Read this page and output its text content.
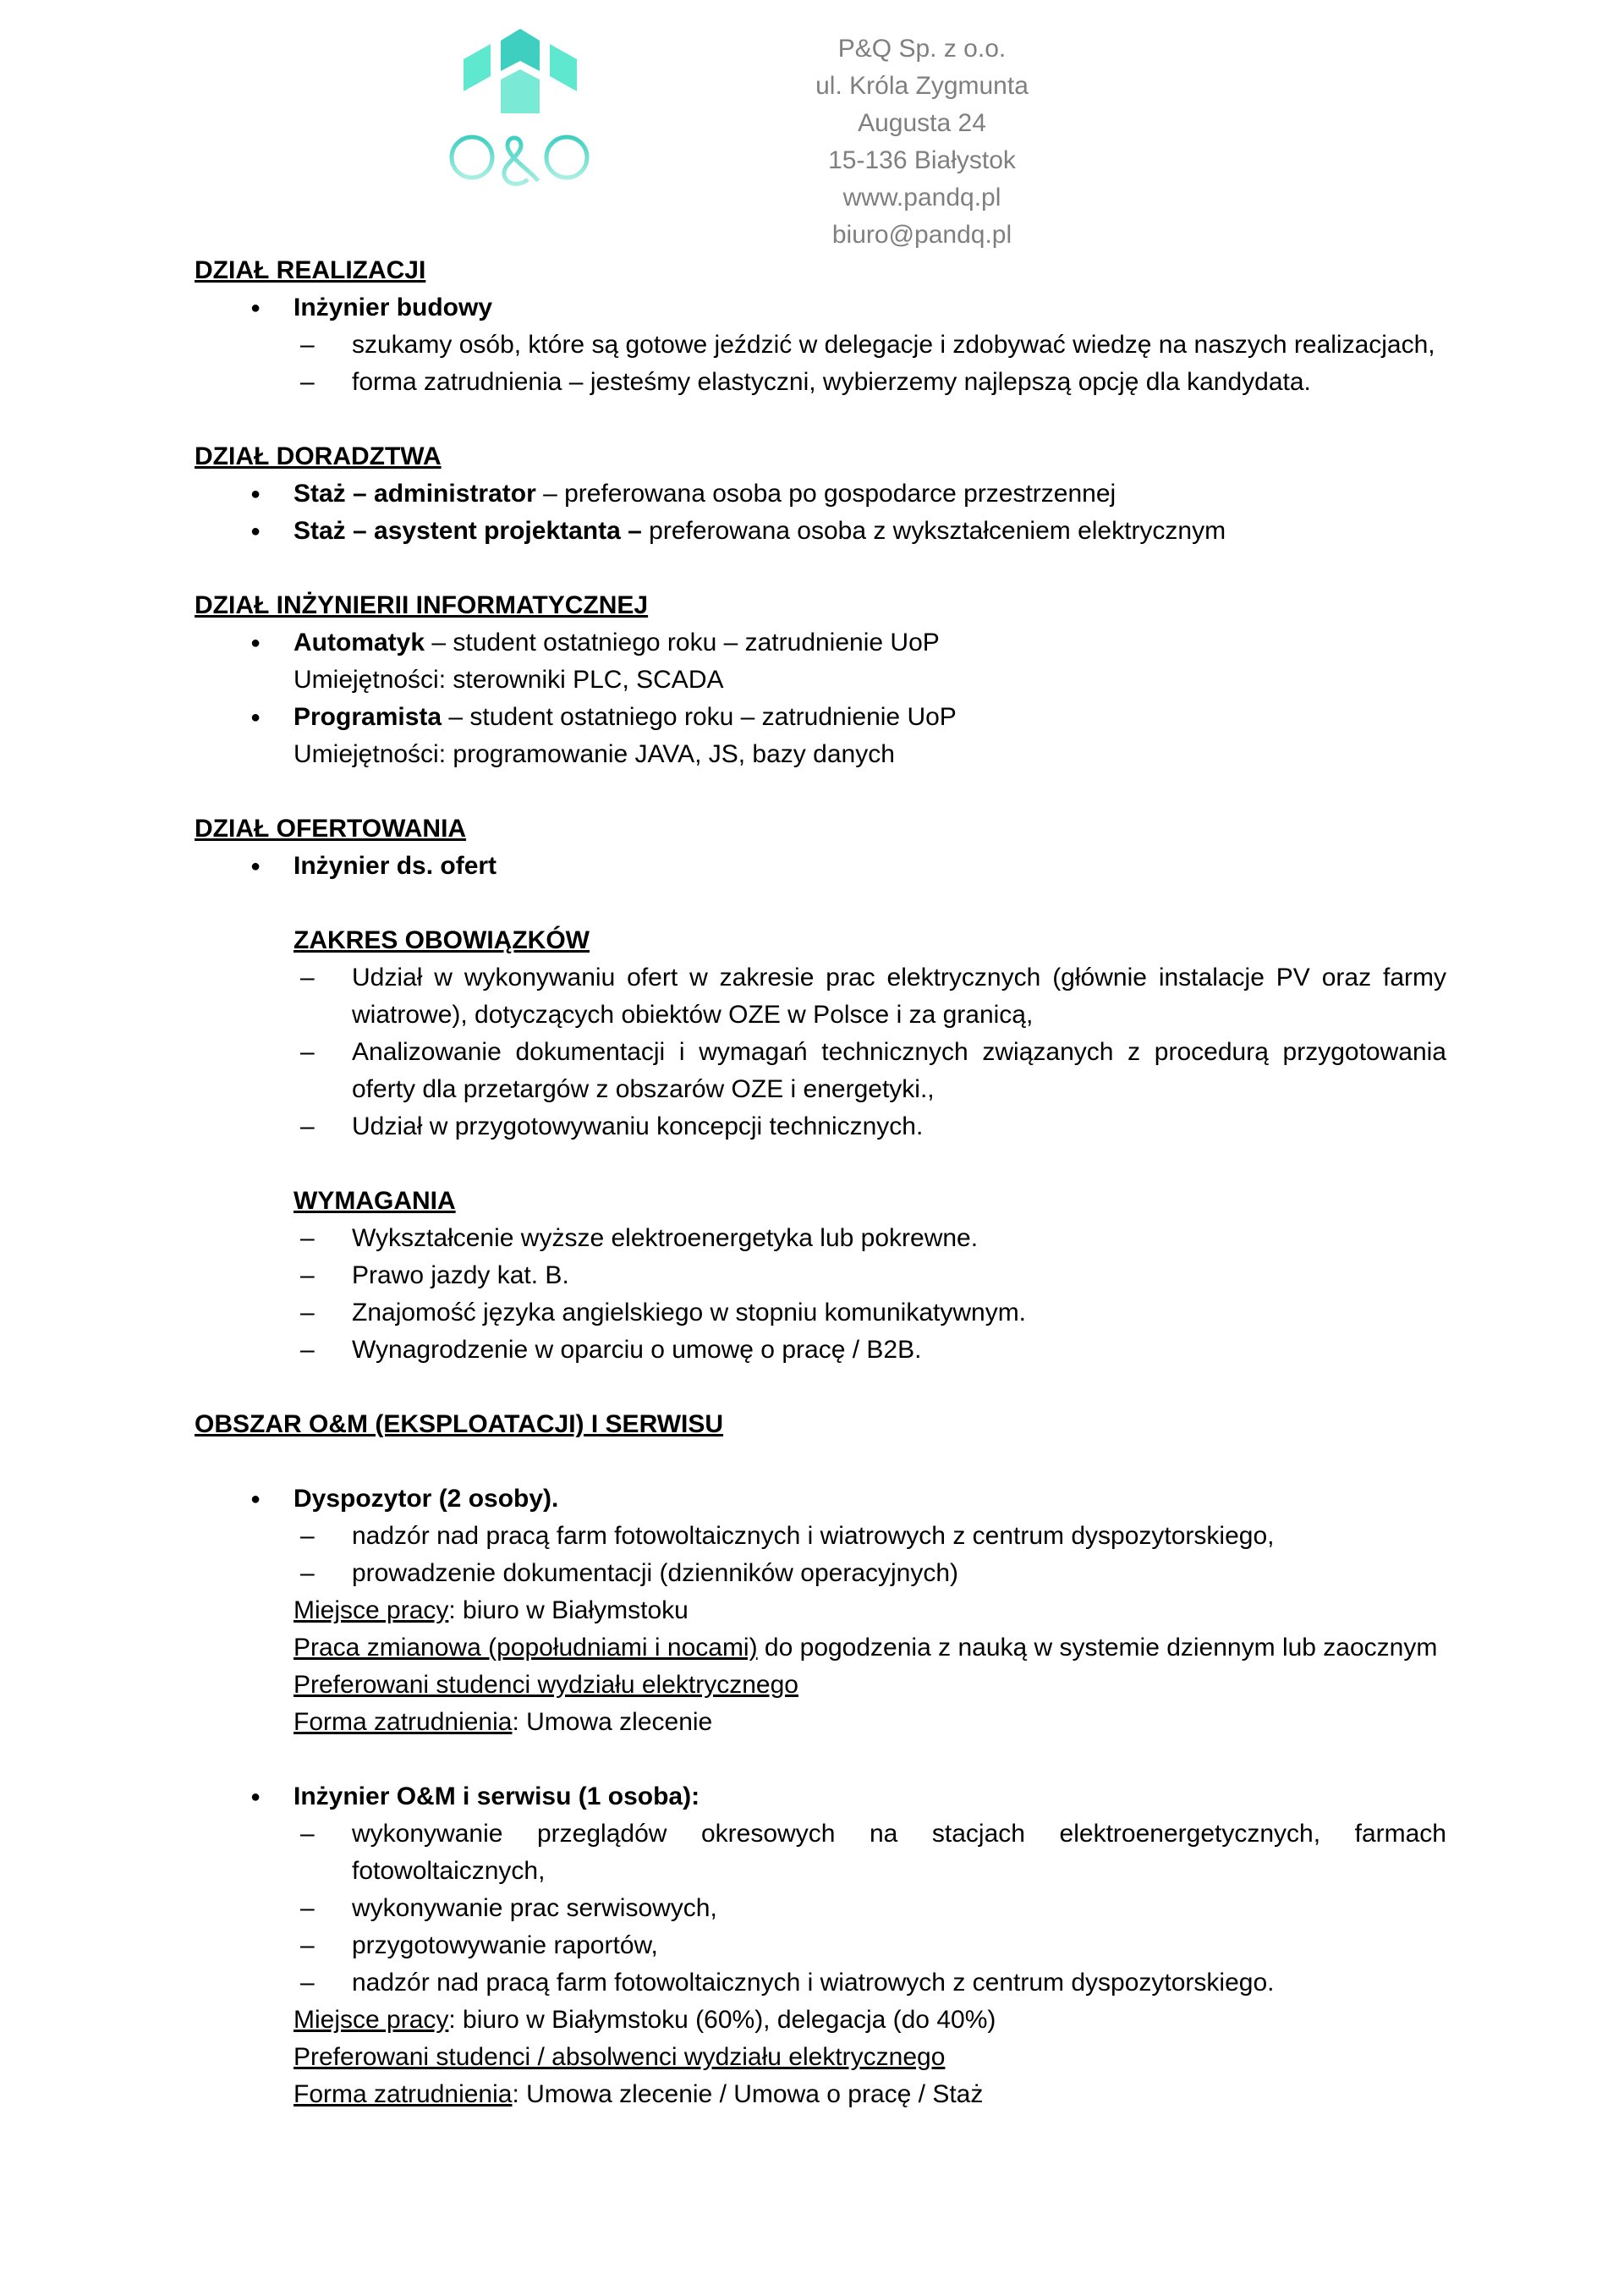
P&Q Sp. z o.o.
ul. Króla Zygmunta Augusta 24
15-136 Białystok
www.pandq.pl
biuro@pandq.pl
DZIAŁ REALIZACJI
● Inżynier budowy
– szukamy osób, które są gotowe jeździć w delegacje i zdobywać wiedzę na naszych realizacjach,
– forma zatrudnienia – jesteśmy elastyczni, wybierzemy najlepszą opcję dla kandydata.
DZIAŁ DORADZTWA
● Staż – administrator – preferowana osoba po gospodarce przestrzennej
● Staż – asystent projektanta – preferowana osoba z wykształceniem elektrycznym
DZIAŁ INŻYNIERII INFORMATYCZNEJ
● Automatyk – student ostatniego roku – zatrudnienie UoP
Umiejętności: sterowniki PLC, SCADA
● Programista – student ostatniego roku – zatrudnienie UoP
Umiejętności: programowanie JAVA, JS, bazy danych
DZIAŁ OFERTOWANIA
● Inżynier ds. ofert
ZAKRES OBOWIĄZKÓW
– Udział w wykonywaniu ofert w zakresie prac elektrycznych (głównie instalacje PV oraz farmy wiatrowe), dotyczących obiektów OZE w Polsce i za granicą,
– Analizowanie dokumentacji i wymagań technicznych związanych z procedurą przygotowania oferty dla przetargów z obszarów OZE i energetyki.,
– Udział w przygotowywaniu koncepcji technicznych.
WYMAGANIA
– Wykształcenie wyższe elektroenergetyka lub pokrewne.
– Prawo jazdy kat. B.
– Znajomość języka angielskiego w stopniu komunikatywnym.
– Wynagrodzenie w oparciu o umowę o pracę / B2B.
OBSZAR O&M (EKSPLOATACJI) I SERWISU
● Dyspozytor (2 osoby).
– nadzór nad pracą farm fotowoltaicznych i wiatrowych z centrum dyspozytorskiego,
– prowadzenie dokumentacji (dzienników operacyjnych)
Miejsce pracy: biuro w Białymstoku
Praca zmianowa (popołudniami i nocami) do pogodzenia z nauką w systemie dziennym lub zaocznym
Preferowani studenci wydziału elektrycznego
Forma zatrudnienia: Umowa zlecenie
● Inżynier O&M i serwisu (1 osoba):
– wykonywanie przeglądów okresowych na stacjach elektroenergetycznych, farmach fotowoltaicznych,
– wykonywanie prac serwisowych,
– przygotowywanie raportów,
– nadzór nad pracą farm fotowoltaicznych i wiatrowych z centrum dyspozytorskiego.
Miejsce pracy: biuro w Białymstoku (60%), delegacja (do 40%)
Preferowani studenci / absolwenci wydziału elektrycznego
Forma zatrudnienia: Umowa zlecenie / Umowa o pracę / Staż
